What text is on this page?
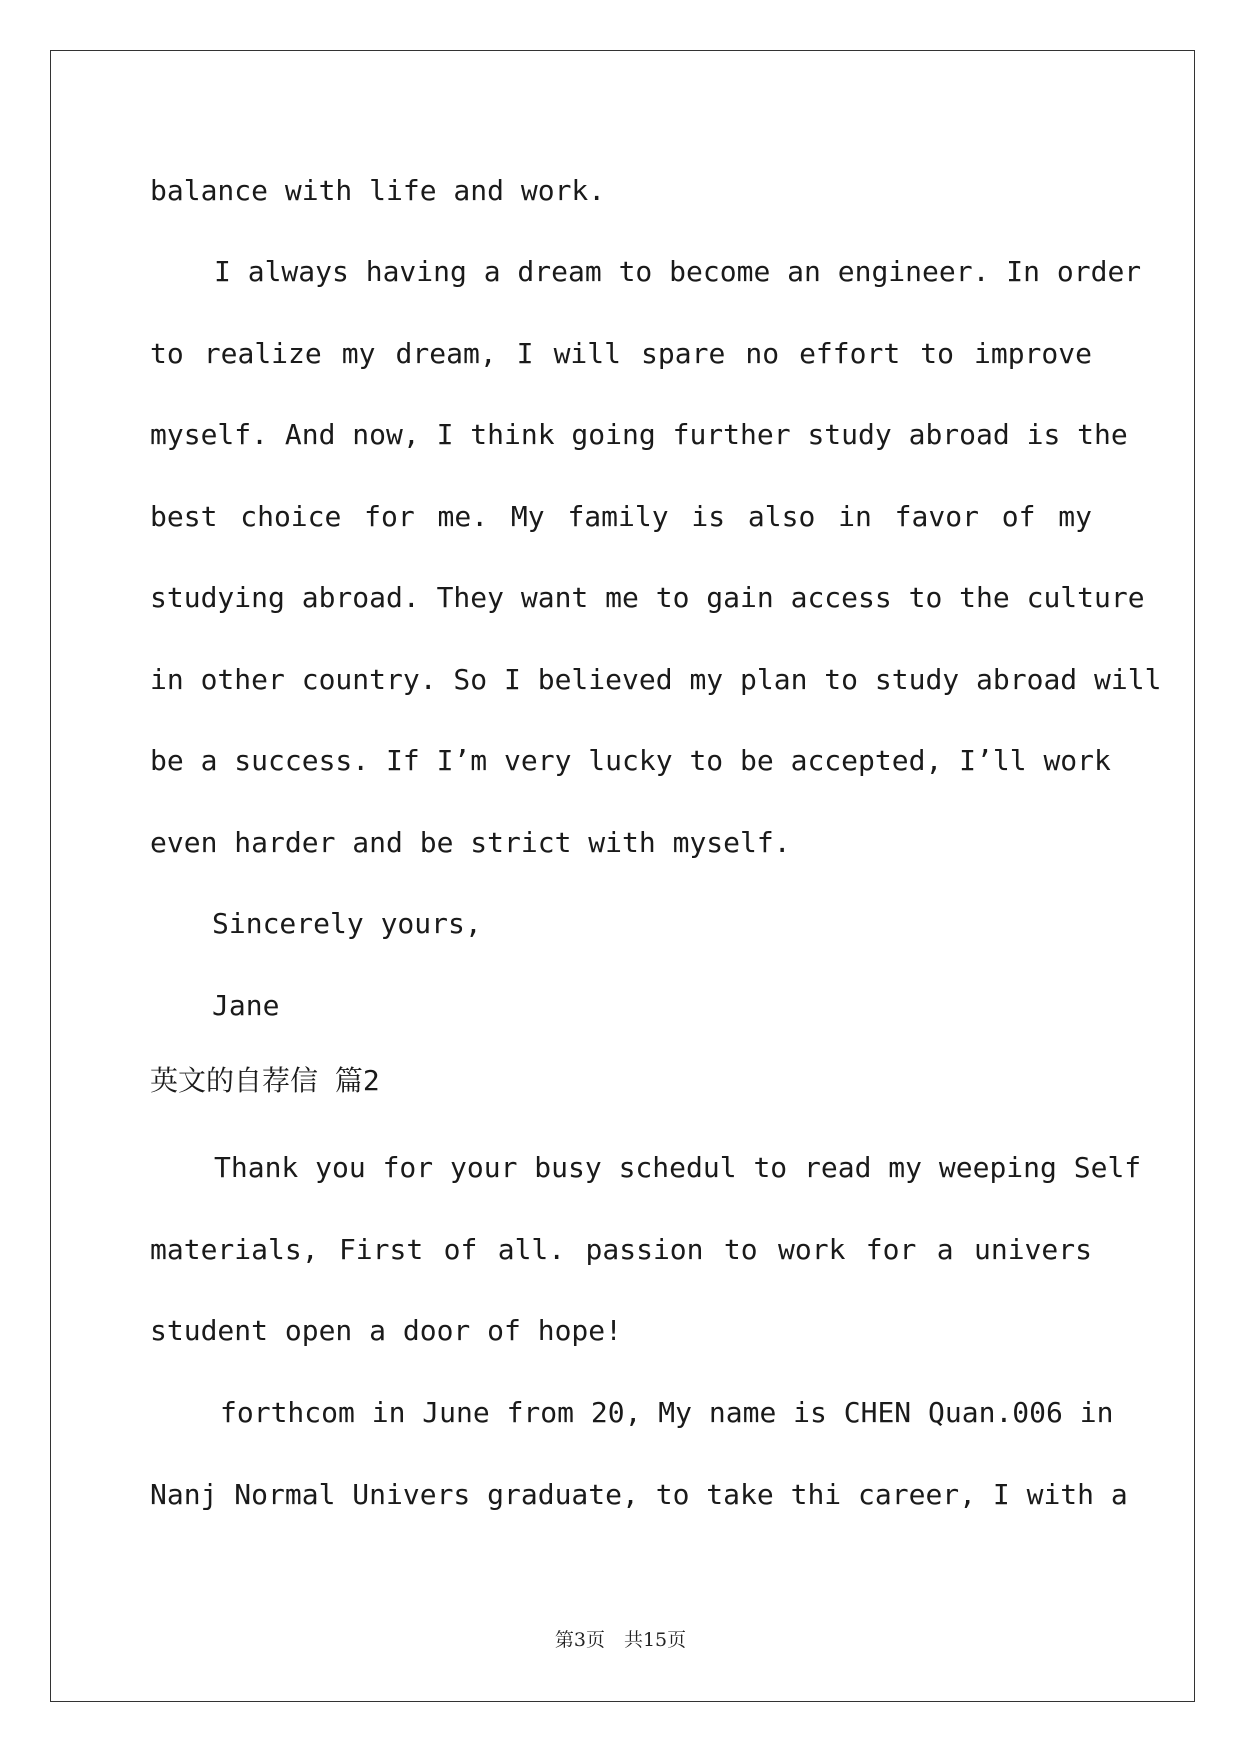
balance with life and work.
I always having a dream to become an engineer. In order
to realize my dream, I will spare no effort to improve
myself. And now, I think going further study abroad is the
best choice for me. My family is also in favor of my
studying abroad. They want me to gain access to the culture
in other country. So I believed my plan to study abroad will
be a success. If I’m very lucky to be accepted, I’ll work
even harder and be strict with myself.
Sincerely yours,
Jane
英文的自荐信 篇2
Thank you for your busy schedul to read my weeping Self
materials, First of all. passion to work for a univers
student open a door of hope!
forthcom in June from 20, My name is CHEN Quan.006 in
Nanj Normal Univers graduate, to take thi career, I with a
第3页　共15页
